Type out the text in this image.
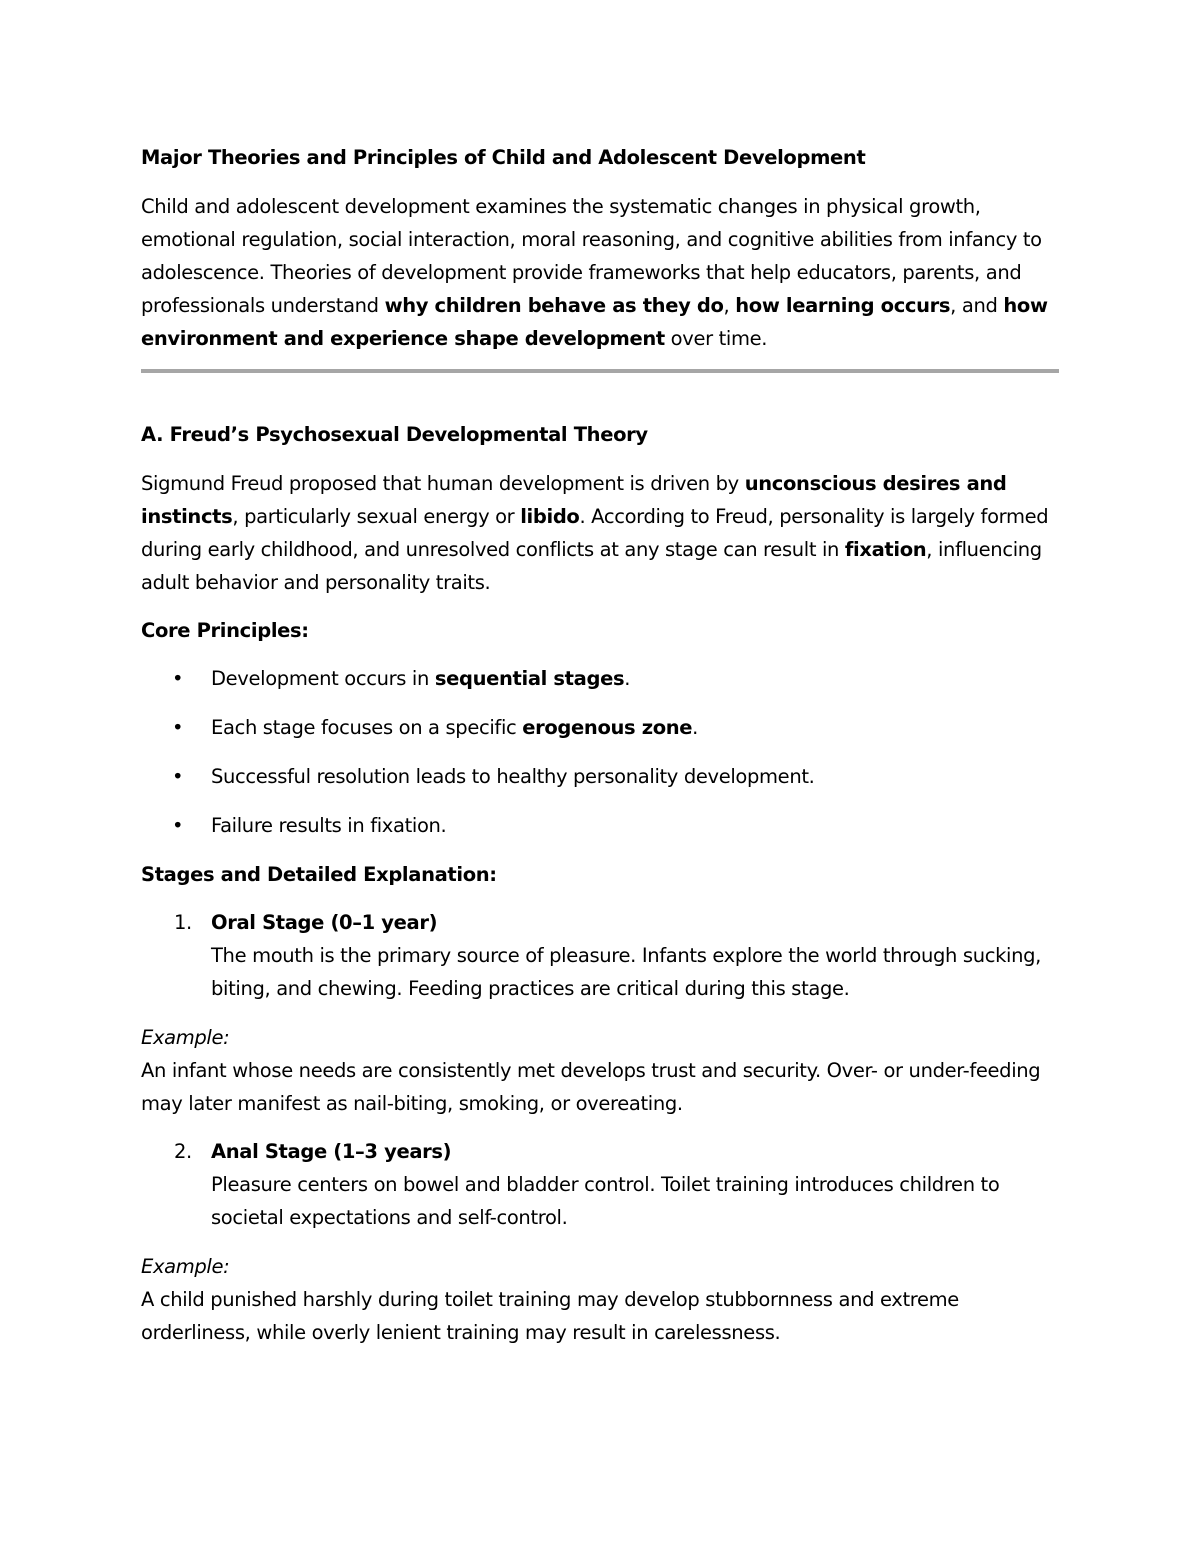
Major Theories and Principles of Child and Adolescent Development
Child and adolescent development examines the systematic changes in physical growth,
emotional regulation, social interaction, moral reasoning, and cognitive abilities from infancy to
adolescence. Theories of development provide frameworks that help educators, parents, and
professionals understand why children behave as they do, how learning occurs, and how
environment and experience shape development over time.
A. Freud’s Psychosexual Developmental Theory
Sigmund Freud proposed that human development is driven by unconscious desires and
instincts, particularly sexual energy or libido. According to Freud, personality is largely formed
during early childhood, and unresolved conflicts at any stage can result in fixation, influencing
adult behavior and personality traits.
Core Principles:
• Development occurs in sequential stages.
• Each stage focuses on a specific erogenous zone.
• Successful resolution leads to healthy personality development.
• Failure results in fixation.
Stages and Detailed Explanation:
1. Oral Stage (0–1 year)
The mouth is the primary source of pleasure. Infants explore the world through sucking,
biting, and chewing. Feeding practices are critical during this stage.
Example:
An infant whose needs are consistently met develops trust and security. Over- or under-feeding
may later manifest as nail-biting, smoking, or overeating.
2. Anal Stage (1–3 years)
Pleasure centers on bowel and bladder control. Toilet training introduces children to
societal expectations and self-control.
Example:
A child punished harshly during toilet training may develop stubbornness and extreme
orderliness, while overly lenient training may result in carelessness.
